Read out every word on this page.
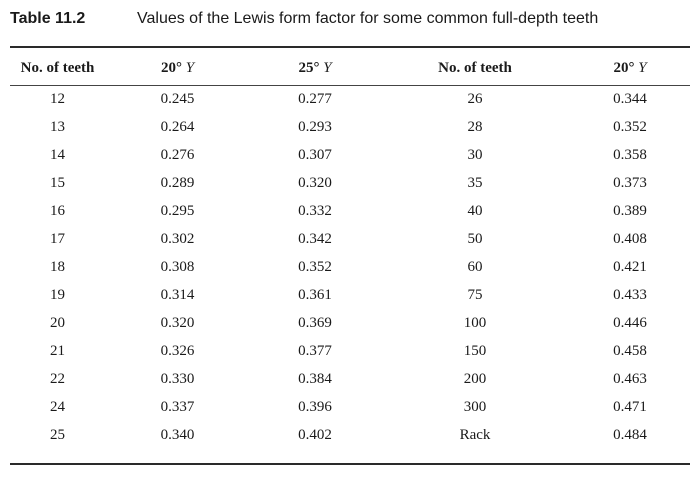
Table 11.2	Values of the Lewis form factor for some common full-depth teeth
No. of teeth	20° Y	25° Y	No. of teeth	20° Y
12	0.245	0.277	26	0.344
13	0.264	0.293	28	0.352
14	0.276	0.307	30	0.358
15	0.289	0.320	35	0.373
16	0.295	0.332	40	0.389
17	0.302	0.342	50	0.408
18	0.308	0.352	60	0.421
19	0.314	0.361	75	0.433
20	0.320	0.369	100	0.446
21	0.326	0.377	150	0.458
22	0.330	0.384	200	0.463
24	0.337	0.396	300	0.471
25	0.340	0.402	Rack	0.484
